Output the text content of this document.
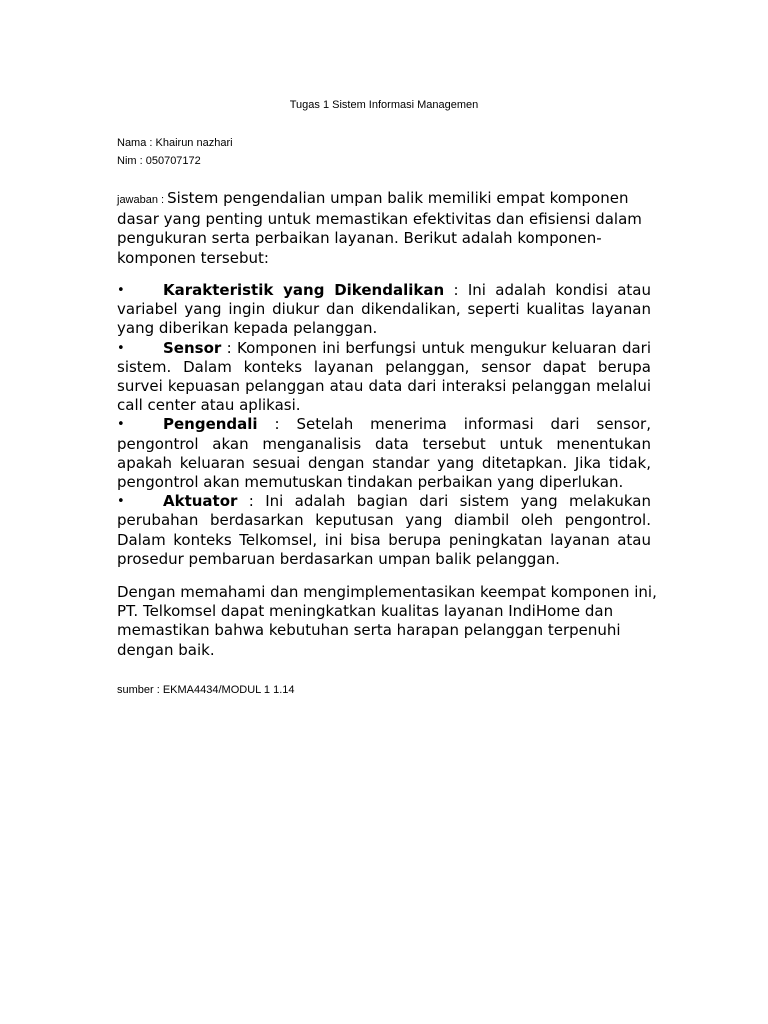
Tugas 1 Sistem Informasi Managemen
Nama : Khairun nazhari
Nim : 050707172
jawaban : Sistem pengendalian umpan balik memiliki empat komponen dasar yang penting untuk memastikan efektivitas dan efisiensi dalam pengukuran serta perbaikan layanan. Berikut adalah komponen-komponen tersebut:
•	Karakteristik yang Dikendalikan : Ini adalah kondisi atau variabel yang ingin diukur dan dikendalikan, seperti kualitas layanan yang diberikan kepada pelanggan.
•	Sensor : Komponen ini berfungsi untuk mengukur keluaran dari sistem. Dalam konteks layanan pelanggan, sensor dapat berupa survei kepuasan pelanggan atau data dari interaksi pelanggan melalui call center atau aplikasi.
•	Pengendali : Setelah menerima informasi dari sensor, pengontrol akan menganalisis data tersebut untuk menentukan apakah keluaran sesuai dengan standar yang ditetapkan. Jika tidak, pengontrol akan memutuskan tindakan perbaikan yang diperlukan.
•	Aktuator : Ini adalah bagian dari sistem yang melakukan perubahan berdasarkan keputusan yang diambil oleh pengontrol. Dalam konteks Telkomsel, ini bisa berupa peningkatan layanan atau prosedur pembaruan berdasarkan umpan balik pelanggan.
Dengan memahami dan mengimplementasikan keempat komponen ini, PT. Telkomsel dapat meningkatkan kualitas layanan IndiHome dan memastikan bahwa kebutuhan serta harapan pelanggan terpenuhi dengan baik.
sumber : EKMA4434/MODUL 1 1.14
